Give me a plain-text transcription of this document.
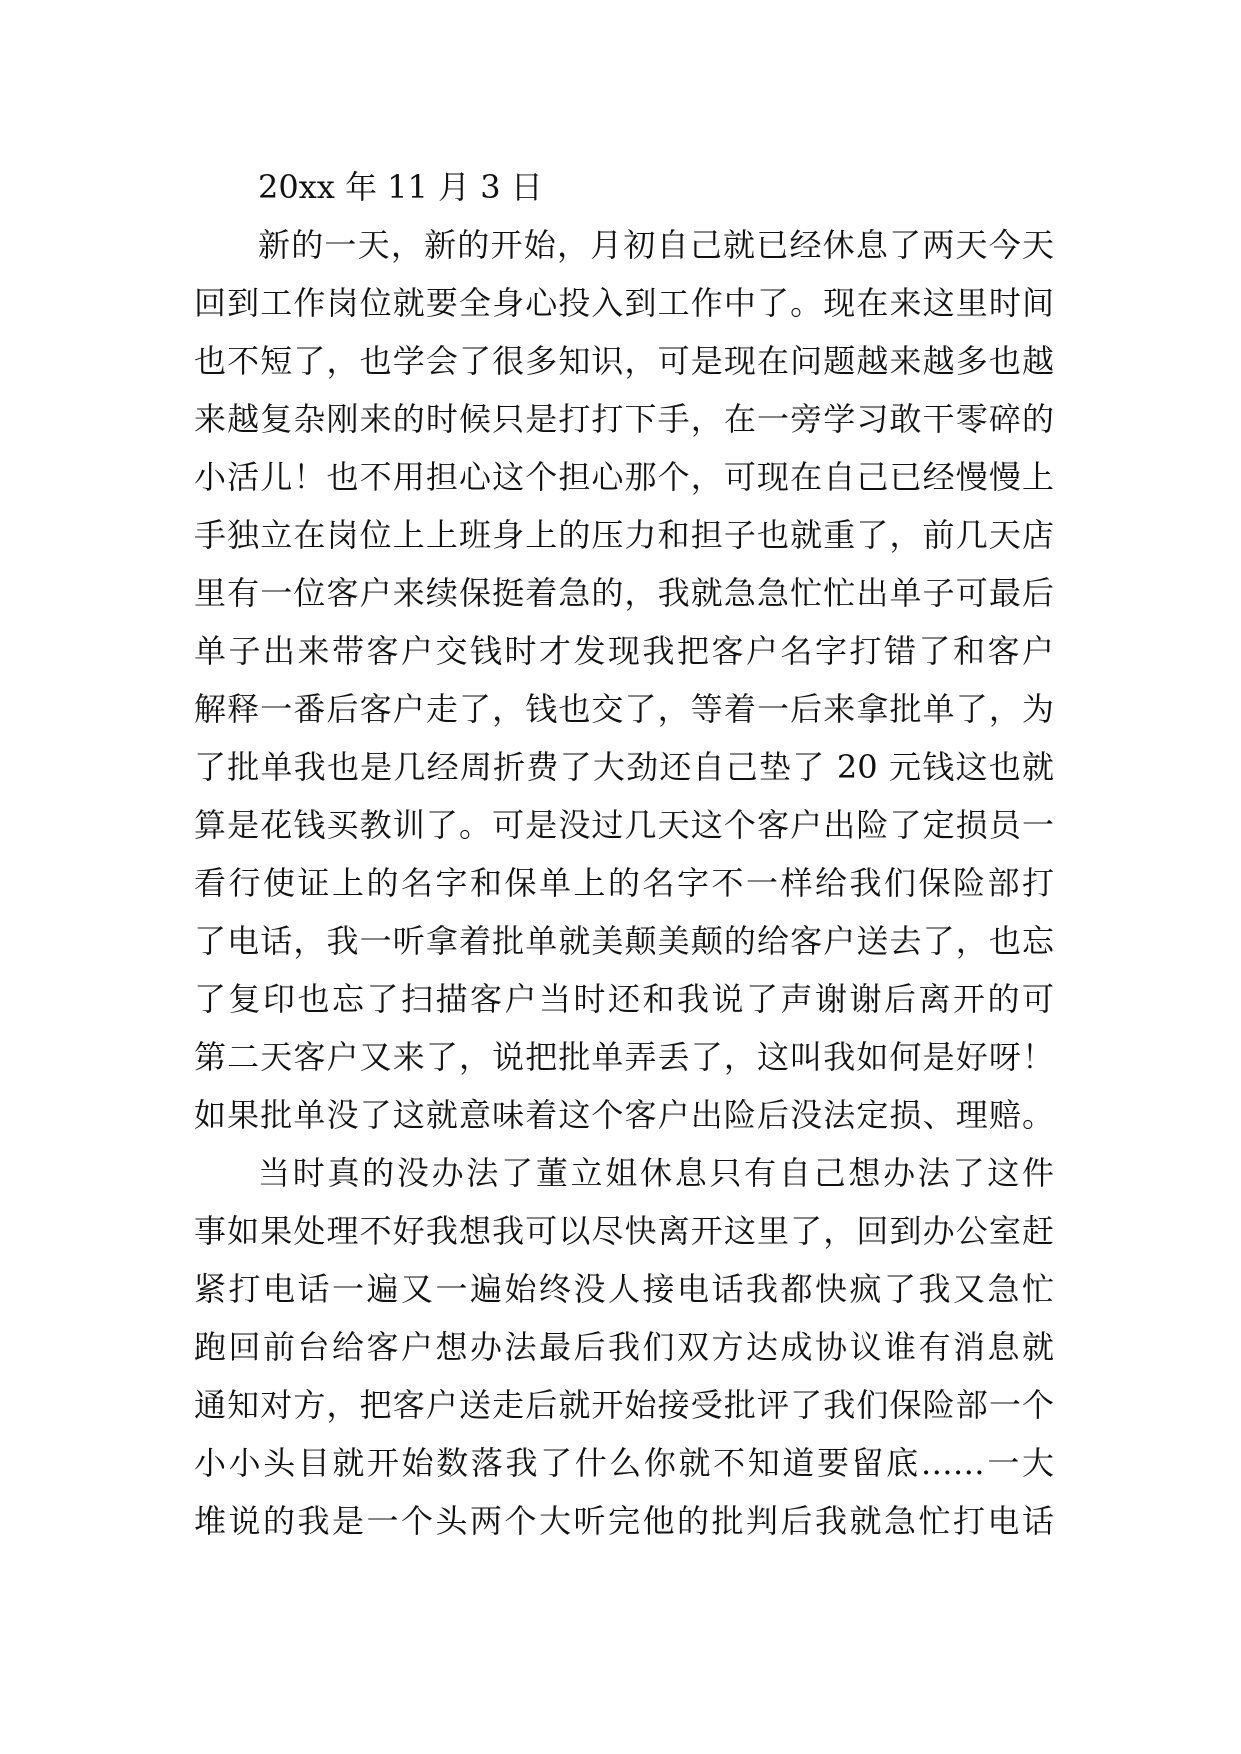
20xx 年 11 月 3 日
新的一天，新的开始，月初自己就已经休息了两天今天
回到工作岗位就要全身心投入到工作中了。现在来这里时间
也不短了，也学会了很多知识，可是现在问题越来越多也越
来越复杂刚来的时候只是打打下手，在一旁学习敢干零碎的
小活儿！也不用担心这个担心那个，可现在自己已经慢慢上
手独立在岗位上上班身上的压力和担子也就重了，前几天店
里有一位客户来续保挺着急的，我就急急忙忙出单子可最后
单子出来带客户交钱时才发现我把客户名字打错了和客户
解释一番后客户走了，钱也交了，等着一后来拿批单了，为
了批单我也是几经周折费了大劲还自己垫了 20 元钱这也就
算是花钱买教训了。可是没过几天这个客户出险了定损员一
看行使证上的名字和保单上的名字不一样给我们保险部打
了电话，我一听拿着批单就美颠美颠的给客户送去了，也忘
了复印也忘了扫描客户当时还和我说了声谢谢后离开的可
第二天客户又来了，说把批单弄丢了，这叫我如何是好呀！
如果批单没了这就意味着这个客户出险后没法定损、理赔。
当时真的没办法了董立姐休息只有自己想办法了这件
事如果处理不好我想我可以尽快离开这里了，回到办公室赶
紧打电话一遍又一遍始终没人接电话我都快疯了我又急忙
跑回前台给客户想办法最后我们双方达成协议谁有消息就
通知对方，把客户送走后就开始接受批评了我们保险部一个
小小头目就开始数落我了什么你就不知道要留底……一大
堆说的我是一个头两个大听完他的批判后我就急忙打电话
